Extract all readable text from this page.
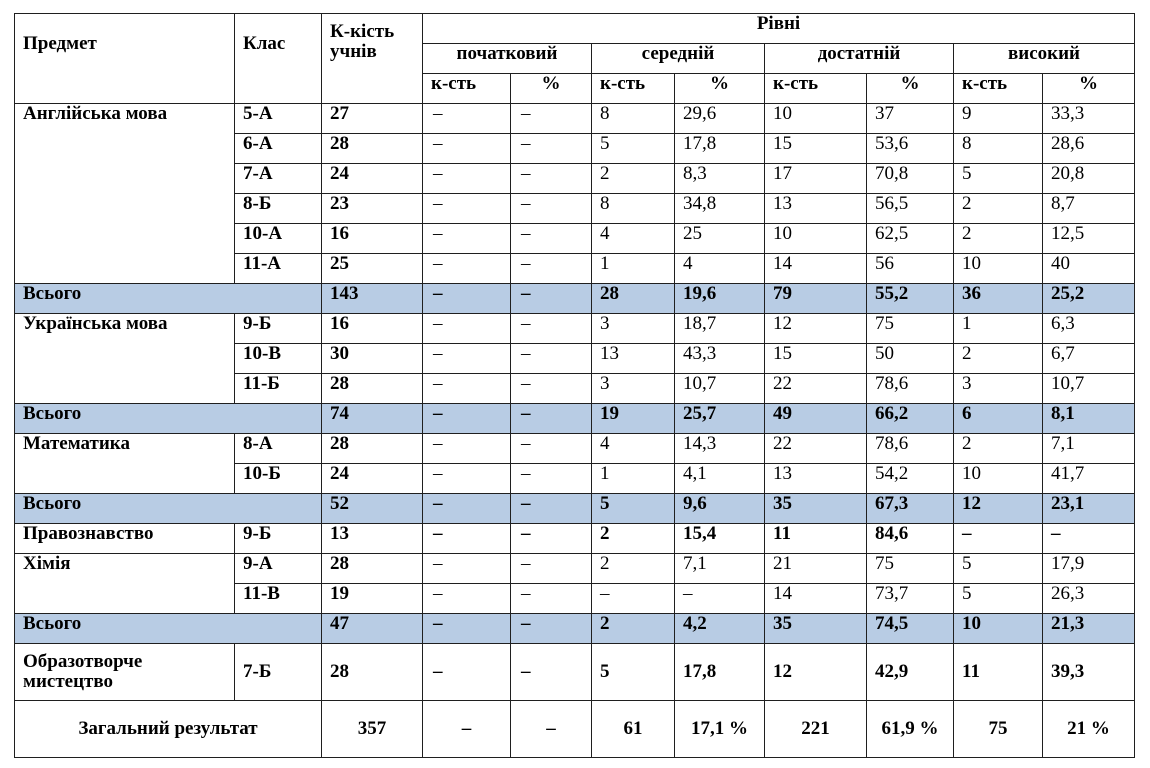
Предмет	Клас	К-кість учнів	Рівні							
			початковий		середній		достатній		високий	
			к-сть	%	к-сть	%	к-сть	%	к-сть	%
Англійська мова	5-А	27	–	–	8	29,6	10	37	9	33,3
	6-А	28	–	–	5	17,8	15	53,6	8	28,6
	7-А	24	–	–	2	8,3	17	70,8	5	20,8
	8-Б	23	–	–	8	34,8	13	56,5	2	8,7
	10-А	16	–	–	4	25	10	62,5	2	12,5
	11-А	25	–	–	1	4	14	56	10	40
Всього		143	–	–	28	19,6	79	55,2	36	25,2
Українська мова	9-Б	16	–	–	3	18,7	12	75	1	6,3
	10-В	30	–	–	13	43,3	15	50	2	6,7
	11-Б	28	–	–	3	10,7	22	78,6	3	10,7
Всього		74	–	–	19	25,7	49	66,2	6	8,1
Математика	8-А	28	–	–	4	14,3	22	78,6	2	7,1
	10-Б	24	–	–	1	4,1	13	54,2	10	41,7
Всього		52	–	–	5	9,6	35	67,3	12	23,1
Правознавство	9-Б	13	–	–	2	15,4	11	84,6	–	–
Хімія	9-А	28	–	–	2	7,1	21	75	5	17,9
	11-В	19	–	–	–	–	14	73,7	5	26,3
Всього		47	–	–	2	4,2	35	74,5	10	21,3
Образотворче мистецтво	7-Б	28	–	–	5	17,8	12	42,9	11	39,3
Загальний результат		357	–	–	61	17,1 %	221	61,9 %	75	21 %
